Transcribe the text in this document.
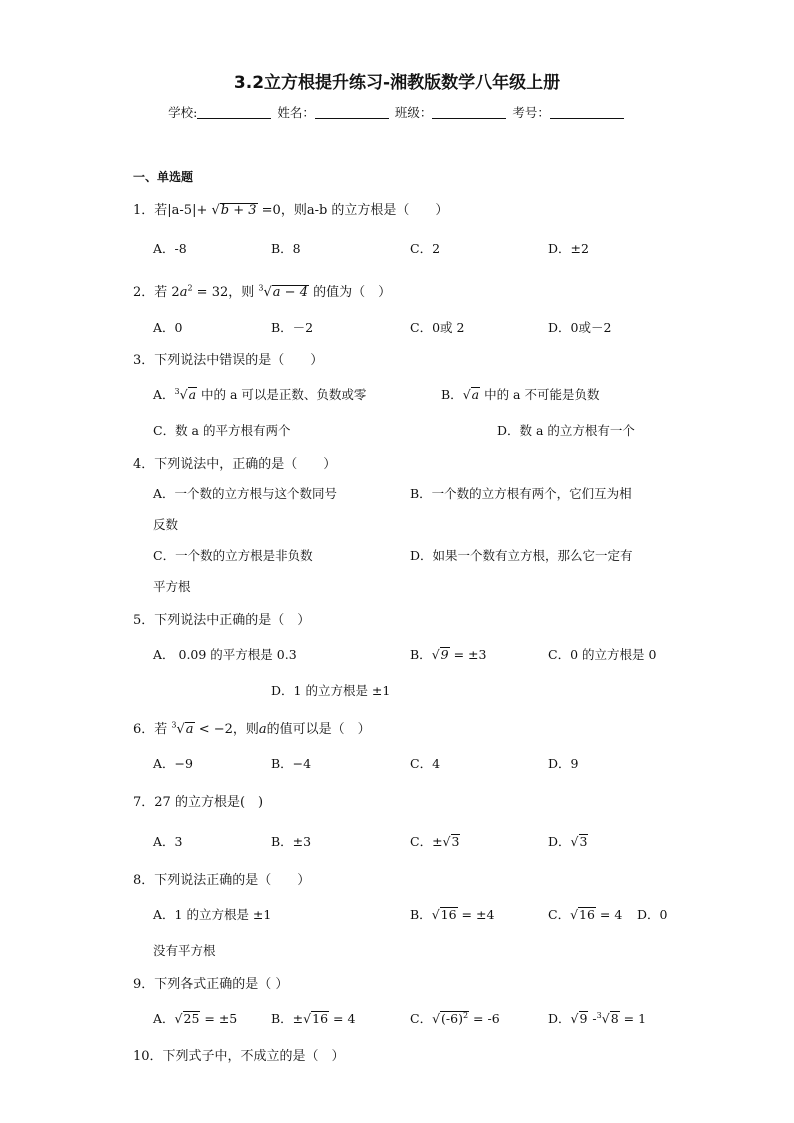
3.2立方根提升练习-湘教版数学八年级上册
学校:	姓名：	班级：	考号：
一、单选题
1．若|a-5|+ √b + 3 =0，则a-b 的立方根是（　　）
A．-8	B．8	C．2	D．±2
2．若 $2a^2 = 32$，则 $^3$√a − 4 的值为（　）
A．0	B．－2	C．0或 2	D．0或－2
3．下列说法中错误的是（　　）
A．$^3$√a 中的 a 可以是正数、负数或零	B．√a 中的 a 不可能是负数
C．数 a 的平方根有两个	D．数 a 的立方根有一个
4．下列说法中，正确的是（　　）
A．一个数的立方根与这个数同号	B．一个数的立方根有两个，它们互为相
反数
C．一个数的立方根是非负数	D．如果一个数有立方根，那么它一定有
平方根
5．下列说法中正确的是（　）
A． 0.09 的平方根是 0.3	B．√9 = ±3	C．0 的立方根是 0
D．1 的立方根是 ±1
6．若 $^3$√a < −2，则a的值可以是（　）
A．−9	B．−4	C．4	D．9
7．27 的立方根是(　)
A．3	B．±3	C．±√3	D．√3
8．下列说法正确的是（　　）
A．1 的立方根是 ±1	B．√16 = ±4	C．√16 = 4 D．0
没有平方根
9．下列各式正确的是（ ）
A．√25 = ±5	B．±√16 = 4	C．$√(-6)^2 = -6$	D．√9 -$^3$√8 = 1
10．下列式子中，不成立的是（　）
